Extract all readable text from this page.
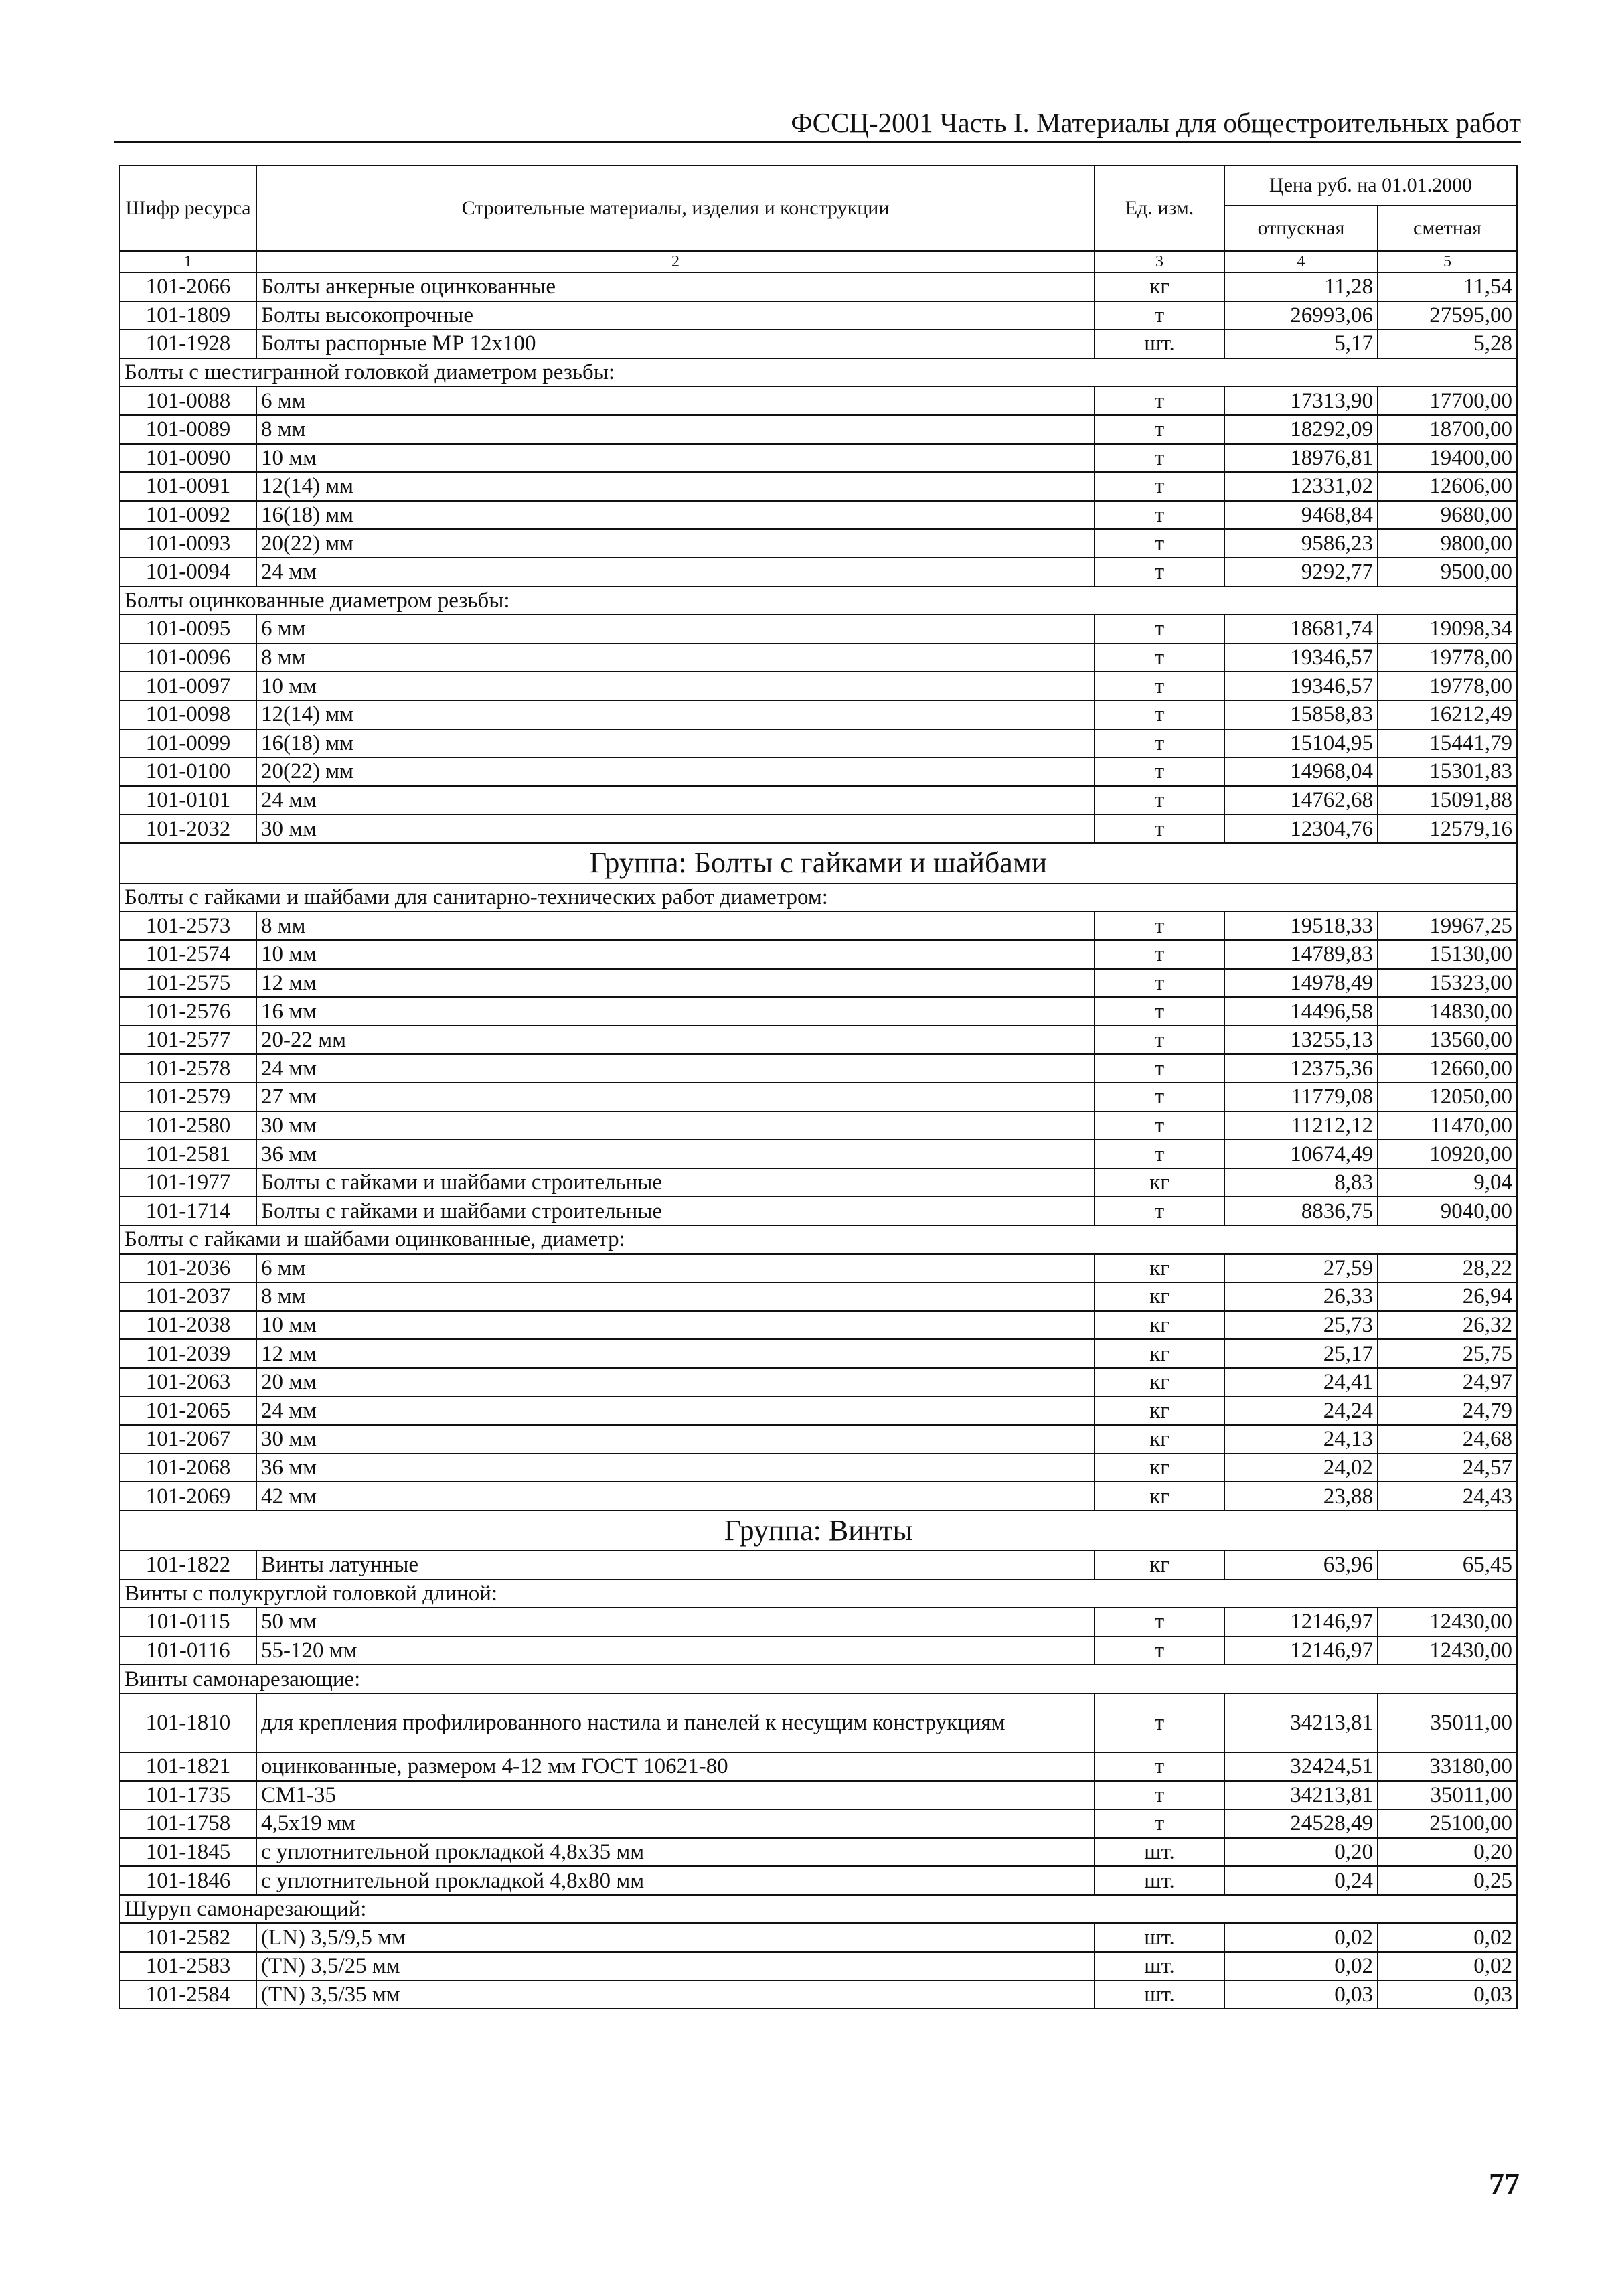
ФССЦ-2001 Часть I. Материалы для общестроительных работ
Шифр ресурса	Строительные материалы, изделия и конструкции	Ед. изм.	Цена руб. на 01.01.2000	
			отпускная	сметная
1	2	3	4	5
101-2066	Болты анкерные оцинкованные	кг	11,28	11,54
101-1809	Болты высокопрочные	т	26993,06	27595,00
101-1928	Болты распорные МР 12х100	шт.	5,17	5,28
Болты с шестигранной головкой диаметром резьбы:				
101-0088	6 мм	т	17313,90	17700,00
101-0089	8 мм	т	18292,09	18700,00
101-0090	10 мм	т	18976,81	19400,00
101-0091	12(14) мм	т	12331,02	12606,00
101-0092	16(18) мм	т	9468,84	9680,00
101-0093	20(22) мм	т	9586,23	9800,00
101-0094	24 мм	т	9292,77	9500,00
Болты оцинкованные диаметром резьбы:				
101-0095	6 мм	т	18681,74	19098,34
101-0096	8 мм	т	19346,57	19778,00
101-0097	10 мм	т	19346,57	19778,00
101-0098	12(14) мм	т	15858,83	16212,49
101-0099	16(18) мм	т	15104,95	15441,79
101-0100	20(22) мм	т	14968,04	15301,83
101-0101	24 мм	т	14762,68	15091,88
101-2032	30 мм	т	12304,76	12579,16
Группа: Болты с гайками и шайбами				
Болты с гайками и шайбами для санитарно-технических работ диаметром:				
101-2573	8 мм	т	19518,33	19967,25
101-2574	10 мм	т	14789,83	15130,00
101-2575	12 мм	т	14978,49	15323,00
101-2576	16 мм	т	14496,58	14830,00
101-2577	20-22 мм	т	13255,13	13560,00
101-2578	24 мм	т	12375,36	12660,00
101-2579	27 мм	т	11779,08	12050,00
101-2580	30 мм	т	11212,12	11470,00
101-2581	36 мм	т	10674,49	10920,00
101-1977	Болты с гайками и шайбами строительные	кг	8,83	9,04
101-1714	Болты с гайками и шайбами строительные	т	8836,75	9040,00
Болты с гайками и шайбами оцинкованные, диаметр:				
101-2036	6 мм	кг	27,59	28,22
101-2037	8 мм	кг	26,33	26,94
101-2038	10 мм	кг	25,73	26,32
101-2039	12 мм	кг	25,17	25,75
101-2063	20 мм	кг	24,41	24,97
101-2065	24 мм	кг	24,24	24,79
101-2067	30 мм	кг	24,13	24,68
101-2068	36 мм	кг	24,02	24,57
101-2069	42 мм	кг	23,88	24,43
Группа: Винты				
101-1822	Винты латунные	кг	63,96	65,45
Винты с полукруглой головкой длиной:				
101-0115	50 мм	т	12146,97	12430,00
101-0116	55-120 мм	т	12146,97	12430,00
Винты самонарезающие:				
101-1810	для крепления профилированного настила и панелей к несущим конструкциям	т	34213,81	35011,00
101-1821	оцинкованные, размером 4-12 мм ГОСТ 10621-80	т	32424,51	33180,00
101-1735	СМ1-35	т	34213,81	35011,00
101-1758	4,5х19 мм	т	24528,49	25100,00
101-1845	с уплотнительной прокладкой 4,8х35 мм	шт.	0,20	0,20
101-1846	с уплотнительной прокладкой 4,8х80 мм	шт.	0,24	0,25
Шуруп самонарезающий:				
101-2582	(LN) 3,5/9,5 мм	шт.	0,02	0,02
101-2583	(TN) 3,5/25 мм	шт.	0,02	0,02
101-2584	(TN) 3,5/35 мм	шт.	0,03	0,03
77
